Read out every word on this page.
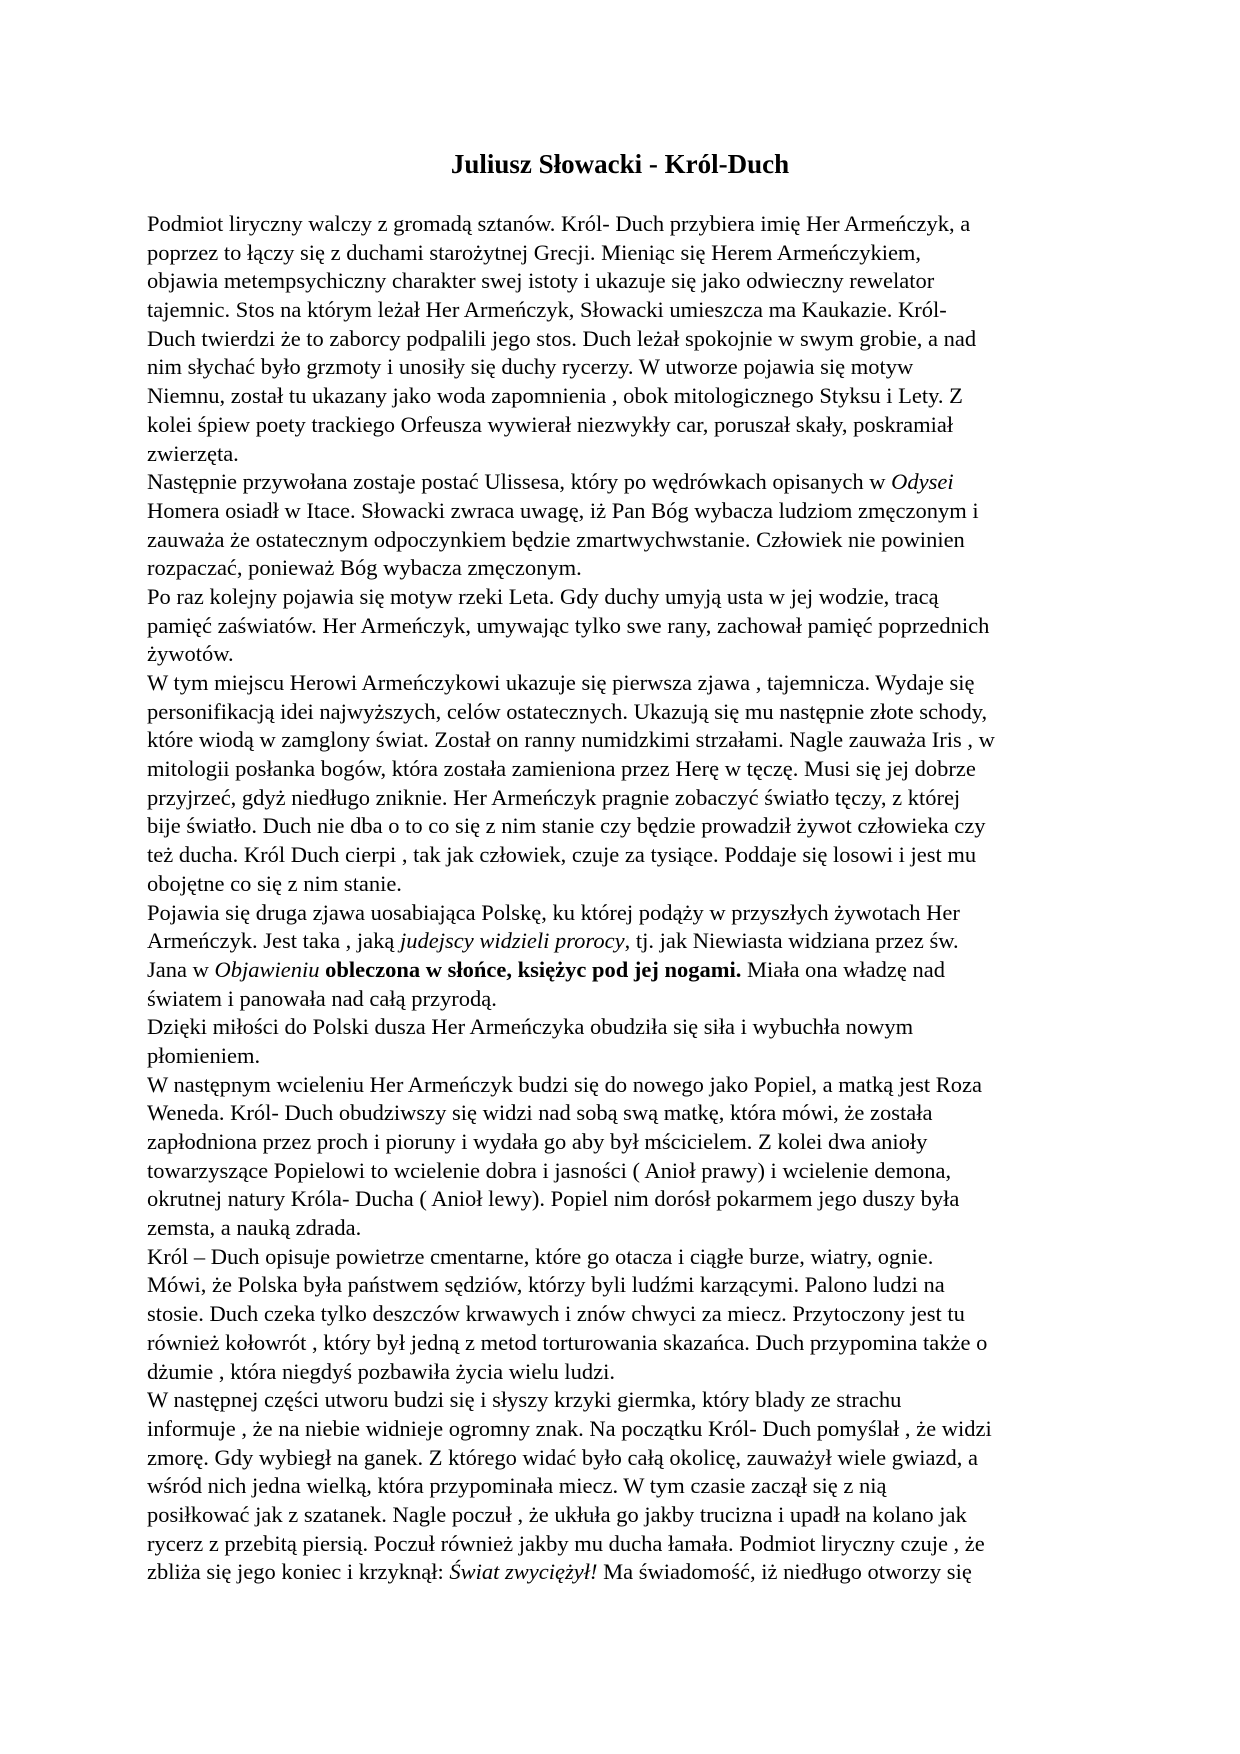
Juliusz Słowacki - Król-Duch
Podmiot liryczny walczy z gromadą sztanów. Król- Duch przybiera imię Her Armeńczyk, a
poprzez to łączy się z duchami starożytnej Grecji. Mieniąc się Herem Armeńczykiem,
objawia metempsychiczny charakter swej istoty i ukazuje się jako odwieczny rewelator
tajemnic. Stos na którym leżał Her Armeńczyk, Słowacki umieszcza ma Kaukazie. Król-
Duch twierdzi że to zaborcy podpalili jego stos. Duch leżał spokojnie w swym grobie, a nad
nim słychać było grzmoty i unosiły się duchy rycerzy. W utworze pojawia się motyw
Niemnu, został tu ukazany jako woda zapomnienia , obok mitologicznego Styksu i Lety. Z
kolei śpiew poety trackiego Orfeusza wywierał niezwykły car, poruszał skały, poskramiał
zwierzęta.
Następnie przywołana zostaje postać Ulissesa, który po wędrówkach opisanych w Odysei
Homera osiadł w Itace. Słowacki zwraca uwagę, iż Pan Bóg wybacza ludziom zmęczonym i
zauważa że ostatecznym odpoczynkiem będzie zmartwychwstanie. Człowiek nie powinien
rozpaczać, ponieważ Bóg wybacza zmęczonym.
Po raz kolejny pojawia się motyw rzeki Leta. Gdy duchy umyją usta w jej wodzie, tracą
pamięć zaświatów. Her Armeńczyk, umywając tylko swe rany, zachował pamięć poprzednich
żywotów.
W tym miejscu Herowi Armeńczykowi ukazuje się pierwsza zjawa , tajemnicza. Wydaje się
personifikacją idei najwyższych, celów ostatecznych. Ukazują się mu następnie złote schody,
które wiodą w zamglony świat. Został on ranny numidzkimi strzałami. Nagle zauważa Iris , w
mitologii posłanka bogów, która została zamieniona przez Herę w tęczę. Musi się jej dobrze
przyjrzeć, gdyż niedługo zniknie. Her Armeńczyk pragnie zobaczyć światło tęczy, z której
bije światło. Duch nie dba o to co się z nim stanie czy będzie prowadził żywot człowieka czy
też ducha. Król Duch cierpi , tak jak człowiek, czuje za tysiące. Poddaje się losowi i jest mu
obojętne co się z nim stanie.
Pojawia się druga zjawa uosabiająca Polskę, ku której podąży w przyszłych żywotach Her
Armeńczyk. Jest taka , jaką judejscy widzieli prorocy, tj. jak Niewiasta widziana przez św.
Jana w Objawieniu obleczona w słońce, księżyc pod jej nogami. Miała ona władzę nad
światem i panowała nad całą przyrodą.
Dzięki miłości do Polski dusza Her Armeńczyka obudziła się siła i wybuchła nowym
płomieniem.
W następnym wcieleniu Her Armeńczyk budzi się do nowego jako Popiel, a matką jest Roza
Weneda. Król- Duch obudziwszy się widzi nad sobą swą matkę, która mówi, że została
zapłodniona przez proch i pioruny i wydała go aby był mścicielem. Z kolei dwa anioły
towarzyszące Popielowi to wcielenie dobra i jasności ( Anioł prawy) i wcielenie demona,
okrutnej natury Króla- Ducha ( Anioł lewy). Popiel nim dorósł pokarmem jego duszy była
zemsta, a nauką zdrada.
Król – Duch opisuje powietrze cmentarne, które go otacza i ciągłe burze, wiatry, ognie.
Mówi, że Polska była państwem sędziów, którzy byli ludźmi karzącymi. Palono ludzi na
stosie. Duch czeka tylko deszczów krwawych i znów chwyci za miecz. Przytoczony jest tu
również kołowrót , który był jedną z metod torturowania skazańca. Duch przypomina także o
dżumie , która niegdyś pozbawiła życia wielu ludzi.
W następnej części utworu budzi się i słyszy krzyki giermka, który blady ze strachu
informuje , że na niebie widnieje ogromny znak. Na początku Król- Duch pomyślał , że widzi
zmorę. Gdy wybiegł na ganek. Z którego widać było całą okolicę, zauważył wiele gwiazd, a
wśród nich jedna wielką, która przypominała miecz. W tym czasie zaczął się z nią
posiłkować jak z szatanek. Nagle poczuł , że ukłuła go jakby trucizna i upadł na kolano jak
rycerz z przebitą piersią. Poczuł również jakby mu ducha łamała. Podmiot liryczny czuje , że
zbliża się jego koniec i krzyknął: Świat zwyciężył! Ma świadomość, iż niedługo otworzy się
